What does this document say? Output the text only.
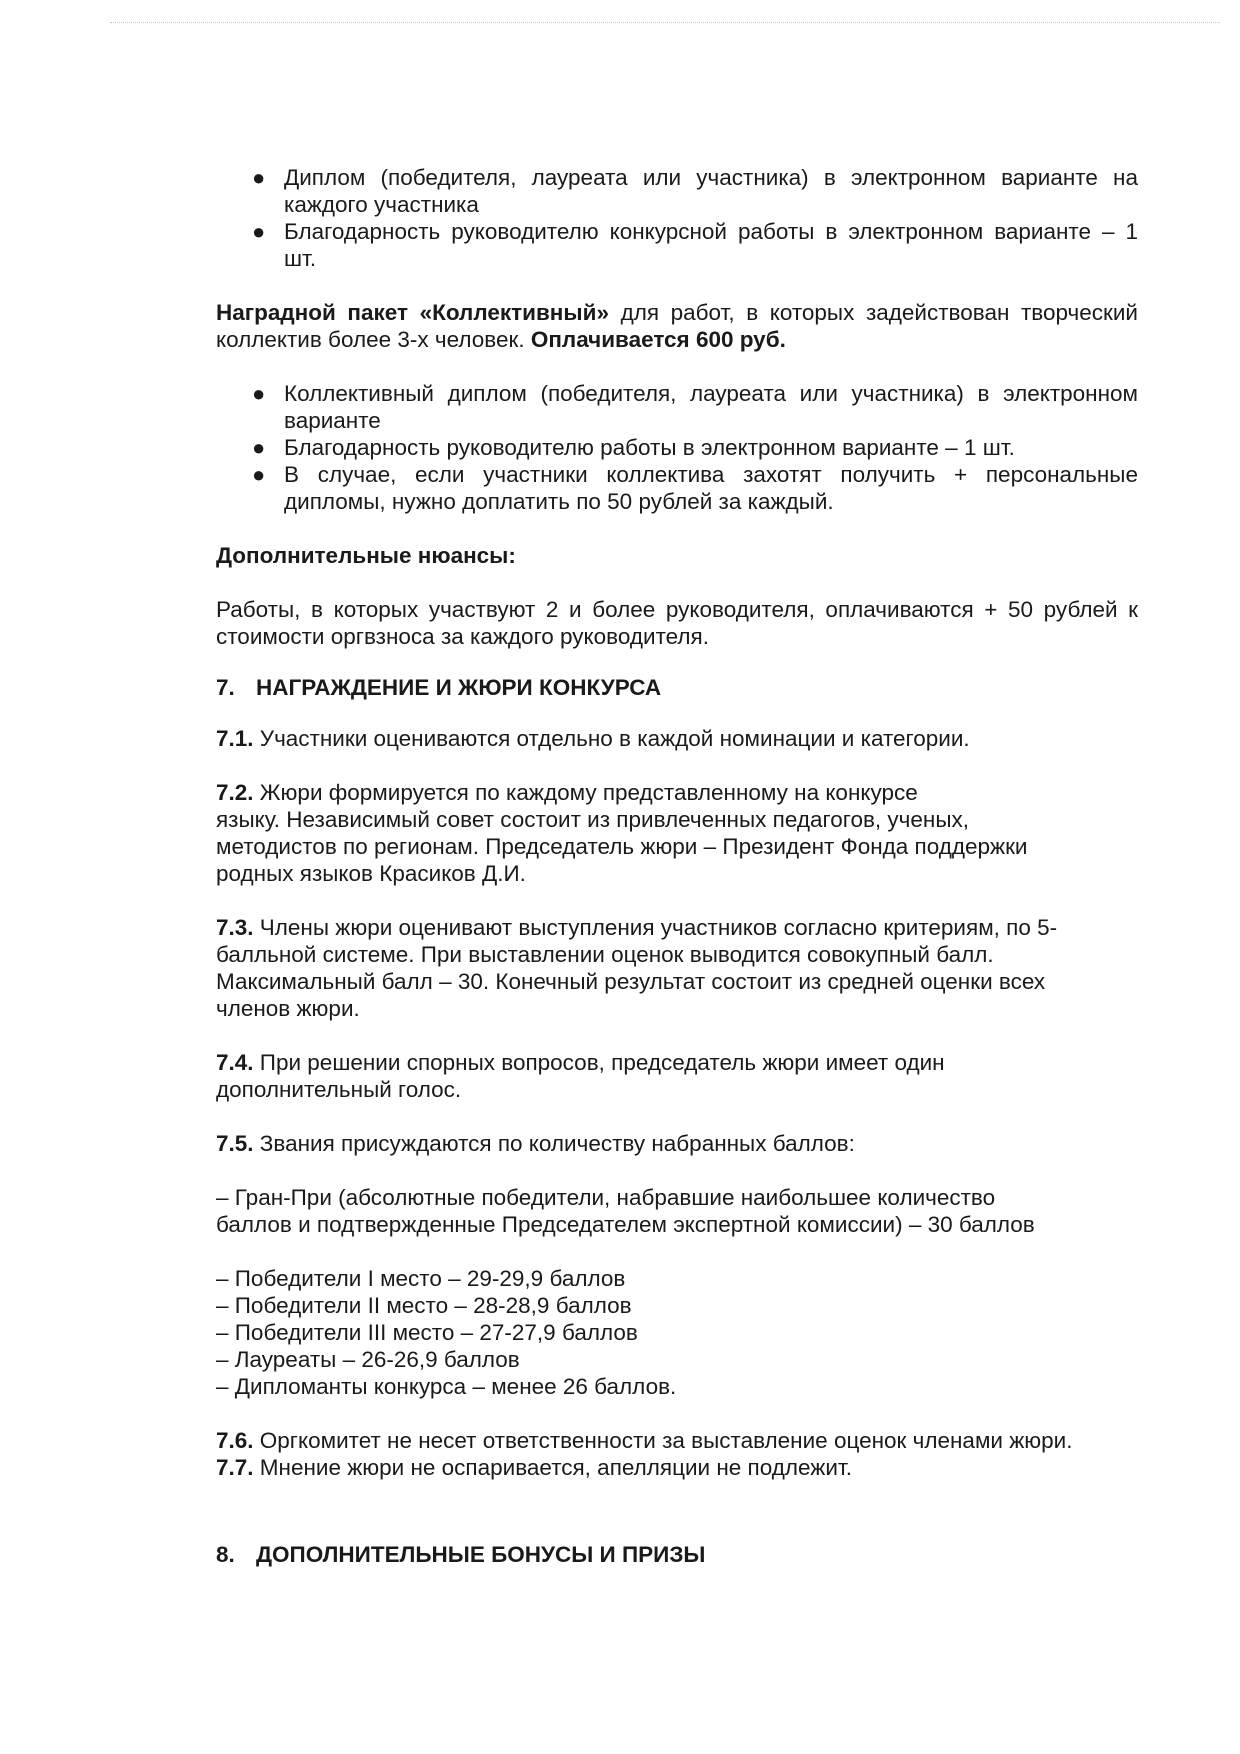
● Диплом (победителя, лауреата или участника) в электронном варианте на каждого участника
● Благодарность руководителю конкурсной работы в электронном варианте – 1 шт.

Наградной пакет «Коллективный» для работ, в которых задействован творческий коллектив более 3-х человек. Оплачивается 600 руб.

● Коллективный диплом (победителя, лауреата или участника) в электронном варианте
● Благодарность руководителю работы в электронном варианте – 1 шт.
● В случае, если участники коллектива захотят получить + персональные дипломы, нужно доплатить по 50 рублей за каждый.

Дополнительные нюансы:

Работы, в которых участвуют 2 и более руководителя, оплачиваются + 50 рублей к стоимости оргвзноса за каждого руководителя.

7. НАГРАЖДЕНИЕ И ЖЮРИ КОНКУРСА

7.1. Участники оцениваются отдельно в каждой номинации и категории.

7.2. Жюри формируется по каждому представленному на конкурсе
языку. Независимый совет состоит из привлеченных педагогов, ученых,
методистов по регионам. Председатель жюри – Президент Фонда поддержки
родных языков Красиков Д.И.
7.3. Члены жюри оценивают выступления участников согласно критериям, по 5-
балльной системе. При выставлении оценок выводится совокупный балл.
Максимальный балл – 30. Конечный результат состоит из средней оценки всех
членов жюри.
7.4. При решении спорных вопросов, председатель жюри имеет один
дополнительный голос.

7.5. Звания присуждаются по количеству набранных баллов:

– Гран-При (абсолютные победители, набравшие наибольшее количество
баллов и подтвержденные Председателем экспертной комиссии) – 30 баллов
– Победители I место – 29-29,9 баллов
– Победители II место – 28-28,9 баллов
– Победители III место – 27-27,9 баллов
– Лауреаты – 26-26,9 баллов
– Дипломанты конкурса – менее 26 баллов.
7.6. Оргкомитет не несет ответственности за выставление оценок членами жюри.
7.7. Мнение жюри не оспаривается, апелляции не подлежит.
8. ДОПОЛНИТЕЛЬНЫЕ БОНУСЫ И ПРИЗЫ
